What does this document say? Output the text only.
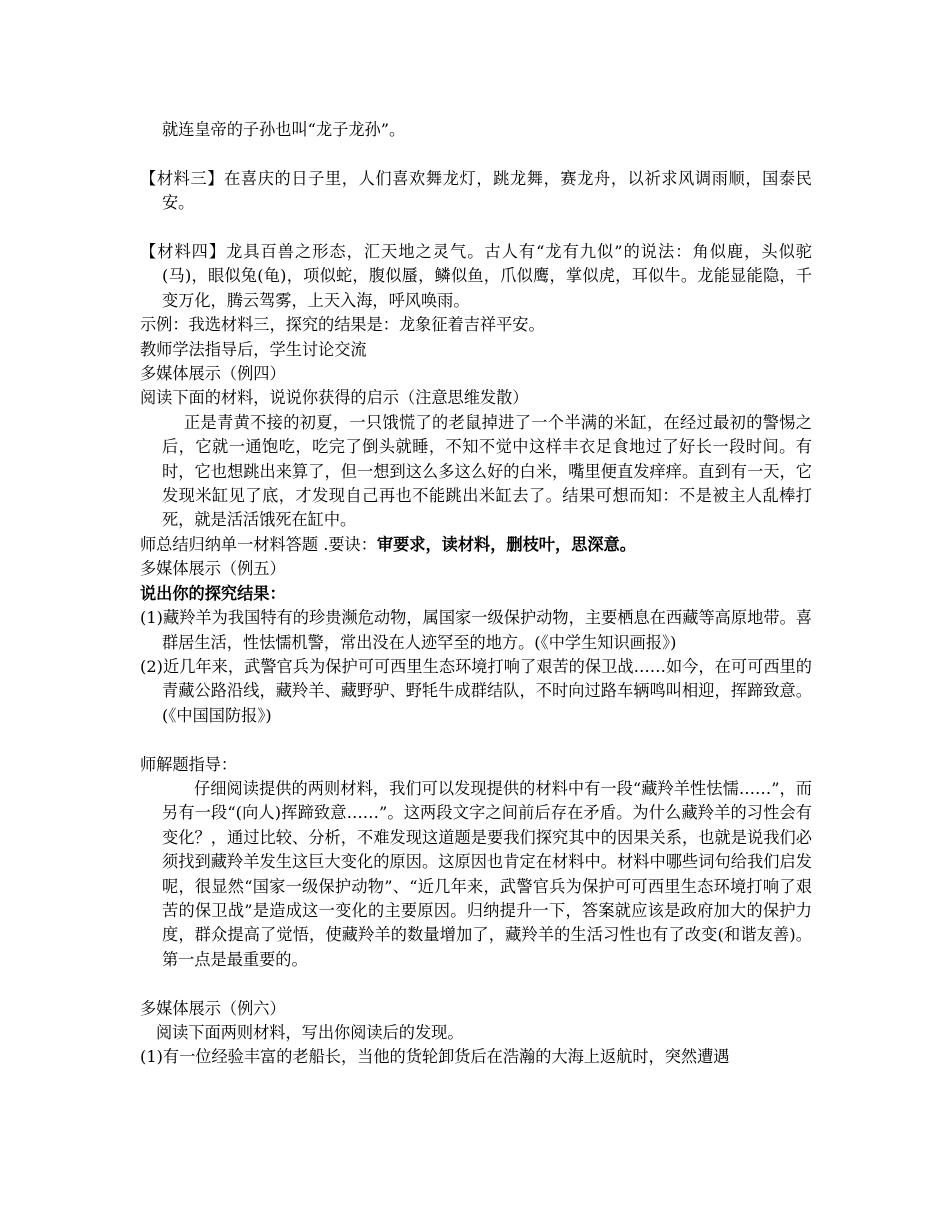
就连皇帝的子孙也叫“龙子龙孙”。

【材料三】在喜庆的日子里，人们喜欢舞龙灯，跳龙舞，赛龙舟，以祈求风调雨顺，国泰民安。

【材料四】龙具百兽之形态，汇天地之灵气。古人有“龙有九似”的说法：角似鹿，头似驼 (马)，眼似兔(龟)，项似蛇，腹似蜃，鳞似鱼，爪似鹰，掌似虎，耳似牛。龙能显能隐，千变万化，腾云驾雾，上天入海，呼风唤雨。

示例：我选材料三，探究的结果是：龙象征着吉祥平安。

教师学法指导后，学生讨论交流

多媒体展示（例四）

阅读下面的材料，说说你获得的启示（注意思维发散）

正是青黄不接的初夏，一只饿慌了的老鼠掉进了一个半满的米缸，在经过最初的警惕之后，它就一通饱吃，吃完了倒头就睡，不知不觉中这样丰衣足食地过了好长一段时间。有时，它也想跳出来算了，但一想到这么多这么好的白米，嘴里便直发痒痒。直到有一天，它发现米缸见了底，才发现自己再也不能跳出米缸去了。结果可想而知：不是被主人乱棒打死，就是活活饿死在缸中。

师总结归纳单一材料答题 .要诀：审要求，读材料，删枝叶，思深意。

多媒体展示（例五）

说出你的探究结果：

(1)藏羚羊为我国特有的珍贵濒危动物，属国家一级保护动物，主要栖息在西藏等高原地带。喜群居生活，性怯懦机警，常出没在人迹罕至的地方。(《中学生知识画报》)

(2)近几年来，武警官兵为保护可可西里生态环境打响了艰苦的保卫战……如今，在可可西里的青藏公路沿线，藏羚羊、藏野驴、野牦牛成群结队，不时向过路车辆鸣叫相迎，挥蹄致意。(《中国国防报》)

师解题指导：

仔细阅读提供的两则材料，我们可以发现提供的材料中有一段“藏羚羊性怯懦……”，而另有一段“(向人)挥蹄致意……”。这两段文字之间前后存在矛盾。为什么藏羚羊的习性会有变化？，通过比较、分析，不难发现这道题是要我们探究其中的因果关系，也就是说我们必须找到藏羚羊发生这巨大变化的原因。这原因也肯定在材料中。材料中哪些词句给我们启发呢，很显然“国家一级保护动物”、“近几年来，武警官兵为保护可可西里生态环境打响了艰苦的保卫战”是造成这一变化的主要原因。归纳提升一下，答案就应该是政府加大的保护力度，群众提高了觉悟，使藏羚羊的数量增加了，藏羚羊的生活习性也有了改变(和谐友善)。第一点是最重要的。

多媒体展示（例六）

阅读下面两则材料，写出你阅读后的发现。

(1)有一位经验丰富的老船长，当他的货轮卸货后在浩瀚的大海上返航时，突然遭遇
